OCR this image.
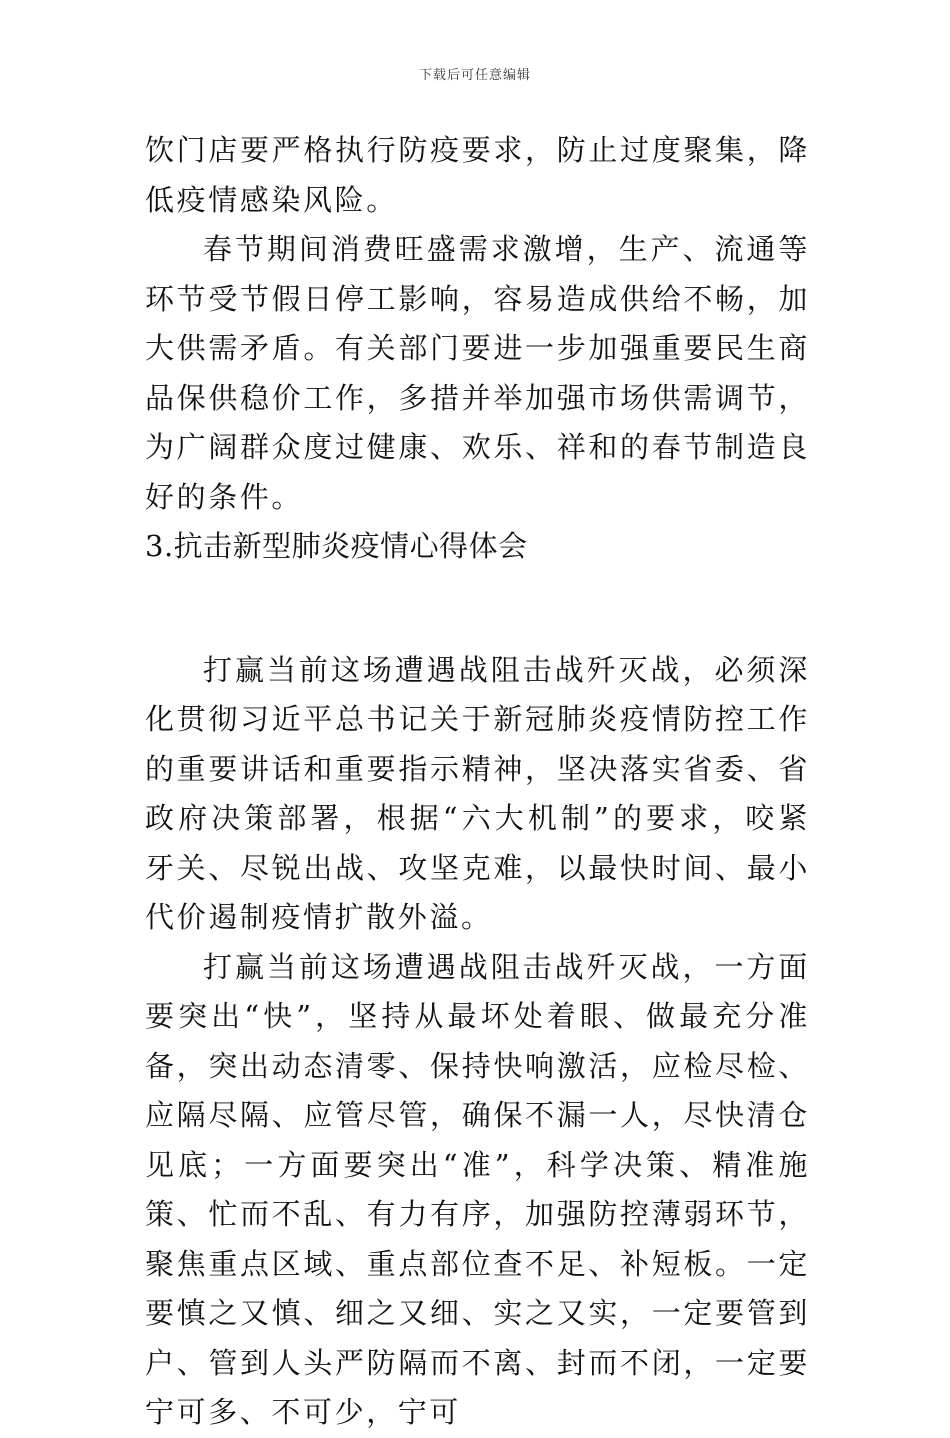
下载后可任意编辑

饮门店要严格执行防疫要求，防止过度聚集，降低疫情感染风险。

春节期间消费旺盛需求激增，生产、流通等环节受节假日停工影响，容易造成供给不畅，加大供需矛盾。有关部门要进一步加强重要民生商品保供稳价工作，多措并举加强市场供需调节，为广阔群众度过健康、欢乐、祥和的春节制造良好的条件。

3.抗击新型肺炎疫情心得体会

打赢当前这场遭遇战阻击战歼灭战，必须深化贯彻习近平总书记关于新冠肺炎疫情防控工作的重要讲话和重要指示精神，坚决落实省委、省政府决策部署，根据“六大机制”的要求，咬紧牙关、尽锐出战、攻坚克难，以最快时间、最小代价遏制疫情扩散外溢。

打赢当前这场遭遇战阻击战歼灭战，一方面要突出“快”，坚持从最坏处着眼、做最充分准备，突出动态清零、保持快响激活，应检尽检、应隔尽隔、应管尽管，确保不漏一人，尽快清仓见底；一方面要突出“准”，科学决策、精准施策、忙而不乱、有力有序，加强防控薄弱环节，聚焦重点区域、重点部位查不足、补短板。一定要慎之又慎、细之又细、实之又实，一定要管到户、管到人头严防隔而不离、封而不闭，一定要宁可多、不可少，宁可
